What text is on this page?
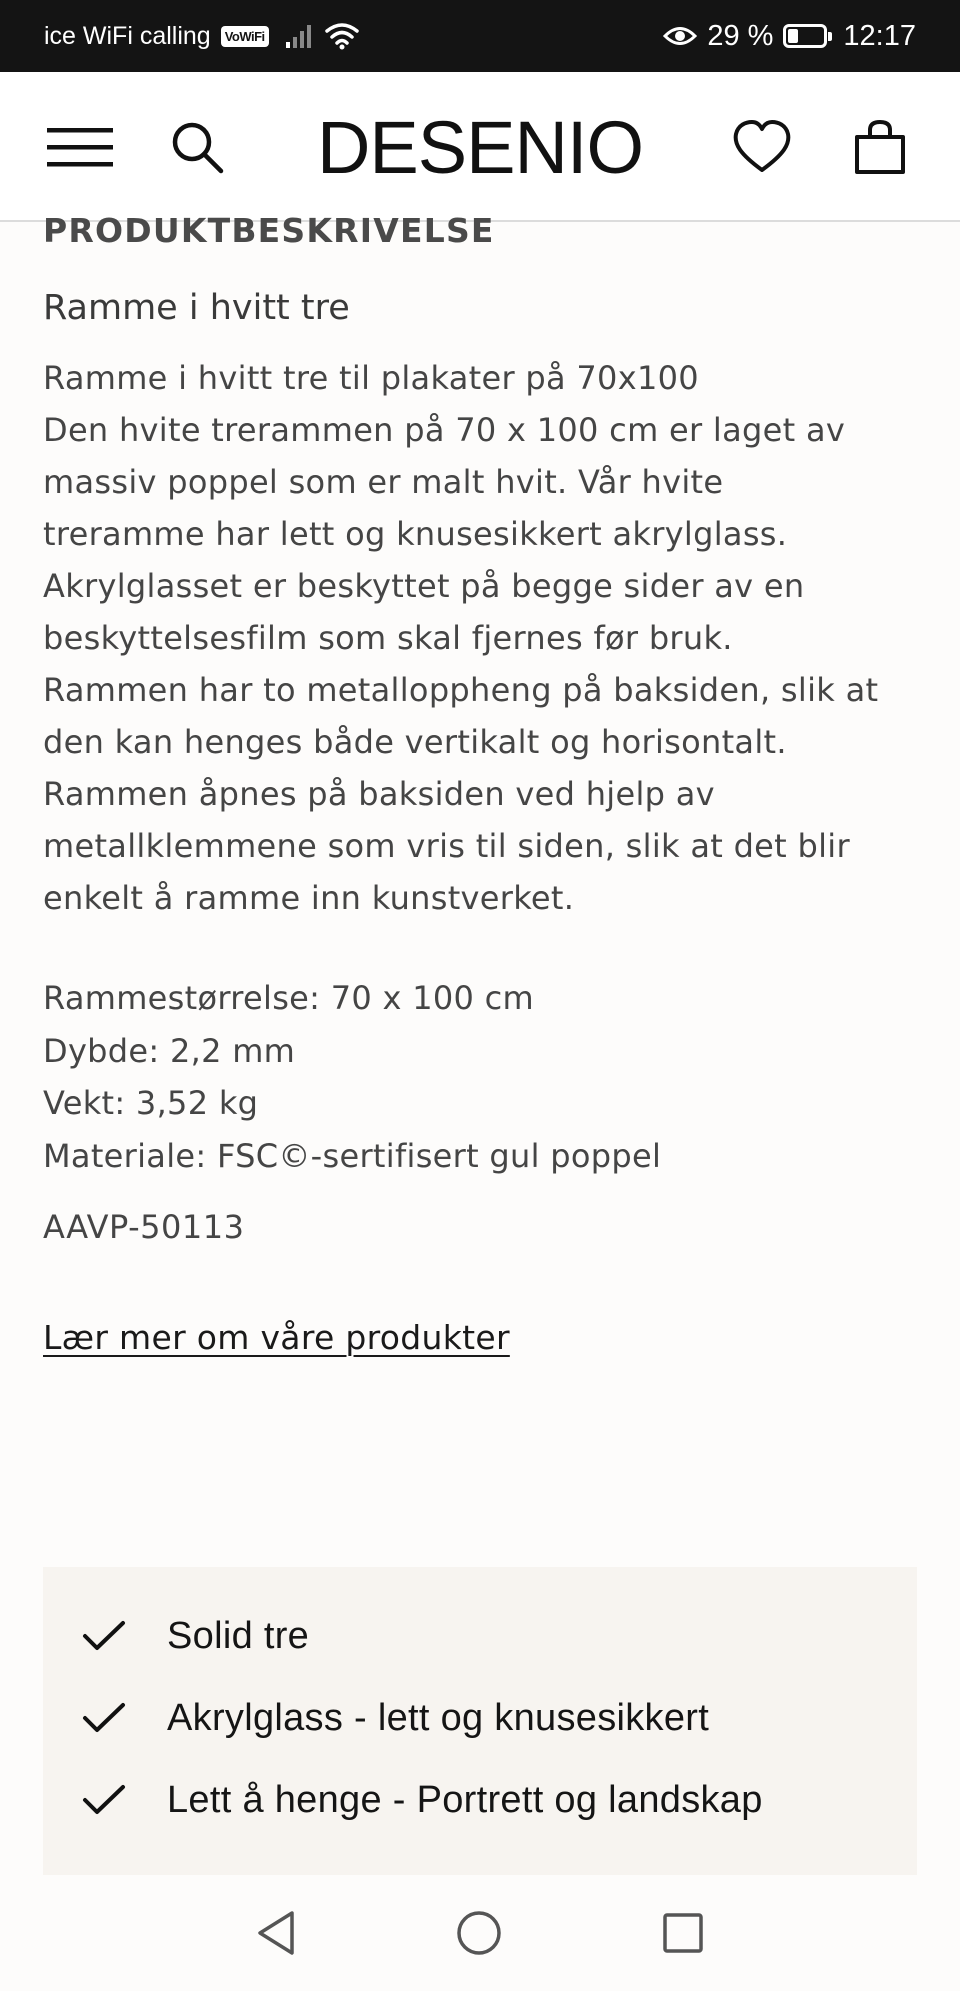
ice WiFi calling	VoWiFi	29 % 12:17
DESENIO
PRODUKTBESKRIVELSE
Ramme i hvitt tre
Ramme i hvitt tre til plakater på 70x100
Den hvite trerammen på 70 x 100 cm er laget av
massiv poppel som er malt hvit. Vår hvite
treramme har lett og knusesikkert akrylglass.
Akrylglasset er beskyttet på begge sider av en
beskyttelsesfilm som skal fjernes før bruk.
Rammen har to metalloppheng på baksiden, slik at
den kan henges både vertikalt og horisontalt.
Rammen åpnes på baksiden ved hjelp av
metallklemmene som vris til siden, slik at det blir
enkelt å ramme inn kunstverket.
Rammestørrelse: 70 x 100 cm
Dybde: 2,2 mm
Vekt: 3,52 kg
Materiale: FSC©-sertifisert gul poppel
AAVP-50113
Lær mer om våre produkter
Solid tre
Akrylglass - lett og knusesikkert
Lett å henge - Portrett og landskap
